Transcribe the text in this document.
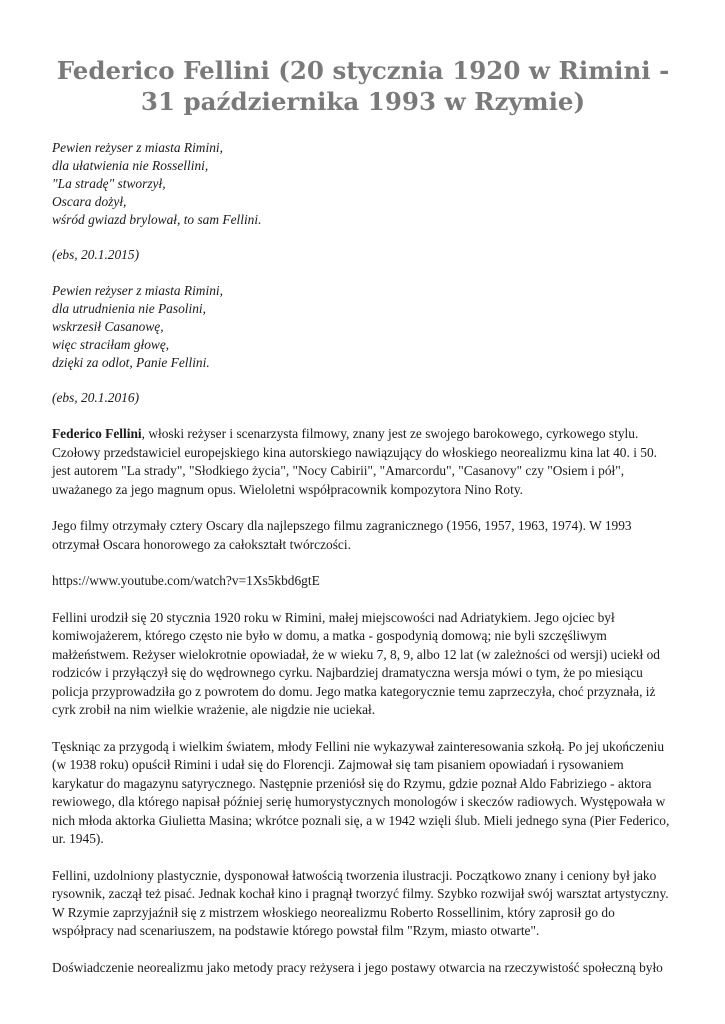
Federico Fellini (20 stycznia 1920 w Rimini - 31 października 1993 w Rzymie)
Pewien reżyser z miasta Rimini,
dla ułatwienia nie Rossellini,
"La stradę" stworzył,
Oscara dożył,
wśród gwiazd brylował, to sam Fellini.
(ebs, 20.1.2015)
Pewien reżyser z miasta Rimini,
dla utrudnienia nie Pasolini,
wskrzesił Casanowę,
więc straciłam głowę,
dzięki za odlot, Panie Fellini.
(ebs, 20.1.2016)

Federico Fellini, włoski reżyser i scenarzysta filmowy, znany jest ze swojego barokowego, cyrkowego stylu. Czołowy przedstawiciel europejskiego kina autorskiego nawiązujący do włoskiego neorealizmu kina lat 40. i 50. jest autorem "La strady", "Słodkiego życia", "Nocy Cabirii", "Amarcordu", "Casanovy" czy "Osiem i pół", uważanego za jego magnum opus. Wieloletni współpracownik kompozytora Nino Roty.

Jego filmy otrzymały cztery Oscary dla najlepszego filmu zagranicznego (1956, 1957, 1963, 1974). W 1993 otrzymał Oscara honorowego za całokształt twórczości.

https://www.youtube.com/watch?v=1Xs5kbd6gtE

Fellini urodził się 20 stycznia 1920 roku w Rimini, małej miejscowości nad Adriatykiem. Jego ojciec był komiwojażerem, którego często nie było w domu, a matka - gospodynią domową; nie byli szczęśliwym małżeństwem. Reżyser wielokrotnie opowiadał, że w wieku 7, 8, 9, albo 12 lat (w zależności od wersji) uciekł od rodziców i przyłączył się do wędrownego cyrku. Najbardziej dramatyczna wersja mówi o tym, że po miesiącu policja przyprowadziła go z powrotem do domu. Jego matka kategorycznie temu zaprzeczyła, choć przyznała, iż cyrk zrobił na nim wielkie wrażenie, ale nigdzie nie uciekał.

Tęskniąc za przygodą i wielkim światem, młody Fellini nie wykazywał zainteresowania szkołą. Po jej ukończeniu (w 1938 roku) opuścił Rimini i udał się do Florencji. Zajmował się tam pisaniem opowiadań i rysowaniem karykatur do magazynu satyrycznego. Następnie przeniósł się do Rzymu, gdzie poznał Aldo Fabriziego - aktora rewiowego, dla którego napisał później serię humorystycznych monologów i skeczów radiowych. Występowała w nich młoda aktorka Giulietta Masina; wkrótce poznali się, a w 1942 wzięli ślub. Mieli jednego syna (Pier Federico, ur. 1945).

Fellini, uzdolniony plastycznie, dysponował łatwością tworzenia ilustracji. Początkowo znany i ceniony był jako rysownik, zaczął też pisać. Jednak kochał kino i pragnął tworzyć filmy. Szybko rozwijał swój warsztat artystyczny. W Rzymie zaprzyjaźnił się z mistrzem włoskiego neorealizmu Roberto Rossellinim, który zaprosił go do współpracy nad scenariuszem, na podstawie którego powstał film "Rzym, miasto otwarte".

Doświadczenie neorealizmu jako metody pracy reżysera i jego postawy otwarcia na rzeczywistość społeczną było
